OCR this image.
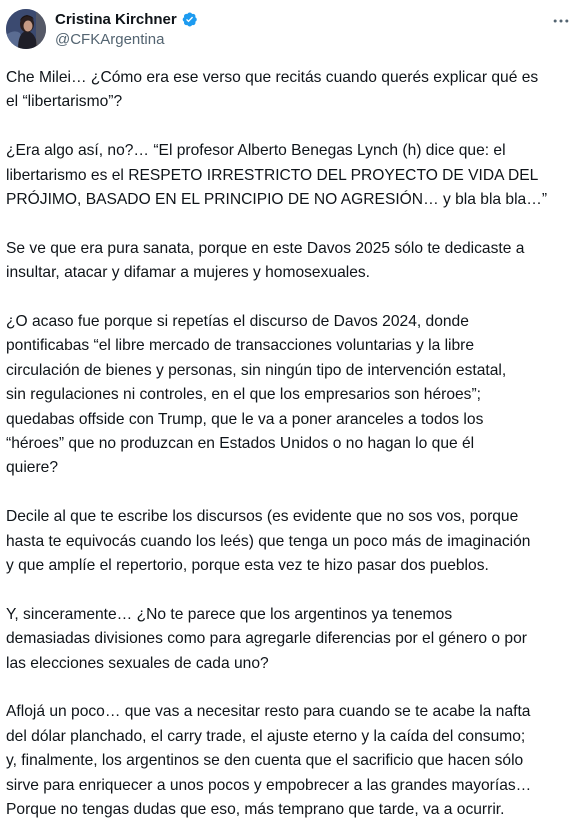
Cristina Kirchner
@CFKArgentina

Che Milei… ¿Cómo era ese verso que recitás cuando querés explicar qué es
el “libertarismo”?

¿Era algo así, no?… “El profesor Alberto Benegas Lynch (h) dice que: el
libertarismo es el RESPETO IRRESTRICTO DEL PROYECTO DE VIDA DEL
PRÓJIMO, BASADO EN EL PRINCIPIO DE NO AGRESIÓN… y bla bla bla…”

Se ve que era pura sanata, porque en este Davos 2025 sólo te dedicaste a
insultar, atacar y difamar a mujeres y homosexuales.

¿O acaso fue porque si repetías el discurso de Davos 2024, donde
pontificabas “el libre mercado de transacciones voluntarias y la libre
circulación de bienes y personas, sin ningún tipo de intervención estatal,
sin regulaciones ni controles, en el que los empresarios son héroes”;
quedabas offside con Trump, que le va a poner aranceles a todos los
“héroes” que no produzcan en Estados Unidos o no hagan lo que él
quiere?

Decile al que te escribe los discursos (es evidente que no sos vos, porque
hasta te equivocás cuando los leés) que tenga un poco más de imaginación
y que amplíe el repertorio, porque esta vez te hizo pasar dos pueblos.

Y, sinceramente… ¿No te parece que los argentinos ya tenemos
demasiadas divisiones como para agregarle diferencias por el género o por
las elecciones sexuales de cada uno?

Aflojá un poco… que vas a necesitar resto para cuando se te acabe la nafta
del dólar planchado, el carry trade, el ajuste eterno y la caída del consumo;
y, finalmente, los argentinos se den cuenta que el sacrificio que hacen sólo
sirve para enriquecer a unos pocos y empobrecer a las grandes mayorías…
Porque no tengas dudas que eso, más temprano que tarde, va a ocurrir.
